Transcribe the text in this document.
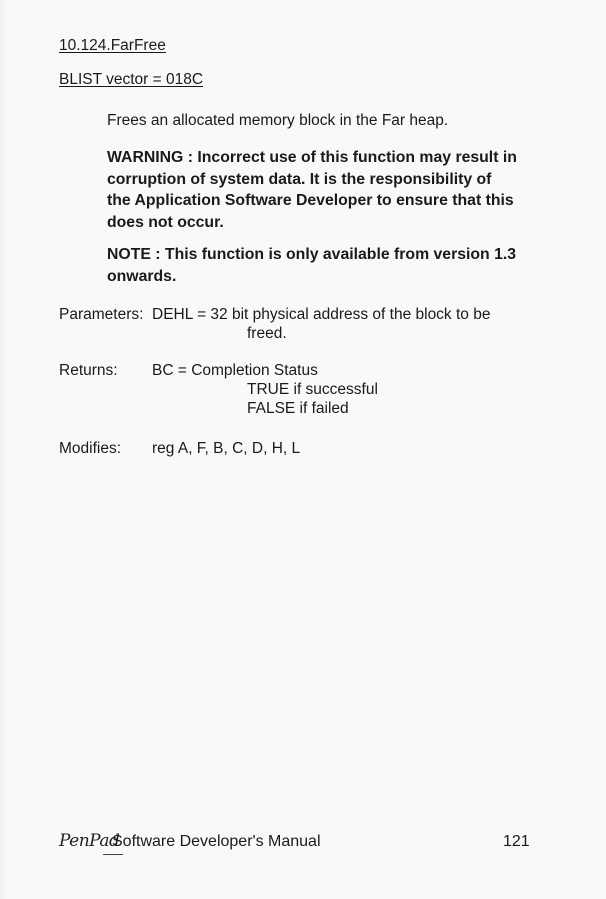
10.124.FarFree
BLIST vector = 018C
Frees an allocated memory block in the Far heap.
WARNING : Incorrect use of this function may result in
corruption of system data. It is the responsibility of
the Application Software Developer to ensure that this
does not occur.
NOTE : This function is only available from version 1.3
onwards.
Parameters: DEHL = 32 bit physical address of the block to be
freed.
Returns: BC = Completion Status
TRUE if successful
FALSE if failed
Modifies: reg A, F, B, C, D, H, L
PenPad
Software Developer's Manual	121
